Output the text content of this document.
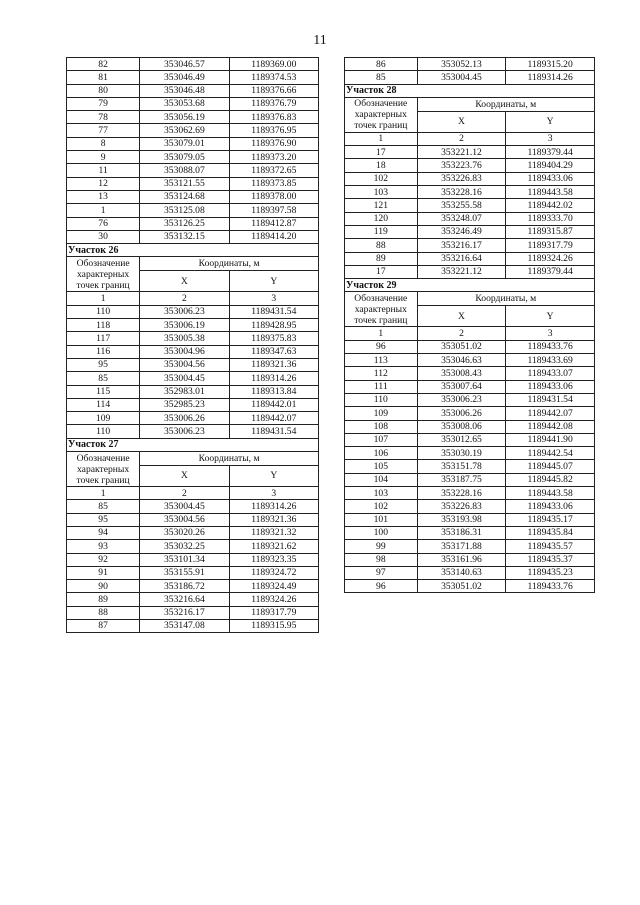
11
82	353046.57	1189369.00
81	353046.49	1189374.53
80	353046.48	1189376.66
79	353053.68	1189376.79
78	353056.19	1189376.83
77	353062.69	1189376.95
8	353079.01	1189376.90
9	353079.05	1189373.20
11	353088.07	1189372.65
12	353121.55	1189373.85
13	353124.68	1189378.00
1	353125.08	1189397.58
76	353126.25	1189412.87
30	353132.15	1189414.20
Участок 26		
Обозначение характерных точек границ	Координаты, м	
	X	Y
1	2	3
110	353006.23	1189431.54
118	353006.19	1189428.95
117	353005.38	1189375.83
116	353004.96	1189347.63
95	353004.56	1189321.36
85	353004.45	1189314.26
115	352983.01	1189313.84
114	352985.23	1189442.01
109	353006.26	1189442.07
110	353006.23	1189431.54
Участок 27		
Обозначение характерных точек границ	Координаты, м	
	X	Y
1	2	3
85	353004.45	1189314.26
95	353004.56	1189321.36
94	353020.26	1189321.32
93	353032.25	1189321.62
92	353101.34	1189323.35
91	353155.91	1189324.72
90	353186.72	1189324.49
89	353216.64	1189324.26
88	353216.17	1189317.79
87	353147.08	1189315.95
86	353052.13	1189315.20
85	353004.45	1189314.26
Участок 28		
Обозначение характерных точек границ	Координаты, м	
	X	Y
1	2	3
17	353221.12	1189379.44
18	353223.76	1189404.29
102	353226.83	1189433.06
103	353228.16	1189443.58
121	353255.58	1189442.02
120	353248.07	1189333.70
119	353246.49	1189315.87
88	353216.17	1189317.79
89	353216.64	1189324.26
17	353221.12	1189379.44
Участок 29		
Обозначение характерных точек границ	Координаты, м	
	X	Y
1	2	3
96	353051.02	1189433.76
113	353046.63	1189433.69
112	353008.43	1189433.07
111	353007.64	1189433.06
110	353006.23	1189431.54
109	353006.26	1189442.07
108	353008.06	1189442.08
107	353012.65	1189441.90
106	353030.19	1189442.54
105	353151.78	1189445.07
104	353187.75	1189445.82
103	353228.16	1189443.58
102	353226.83	1189433.06
101	353193.98	1189435.17
100	353186.31	1189435.84
99	353171.88	1189435.57
98	353161.96	1189435.37
97	353140.63	1189435.23
96	353051.02	1189433.76
